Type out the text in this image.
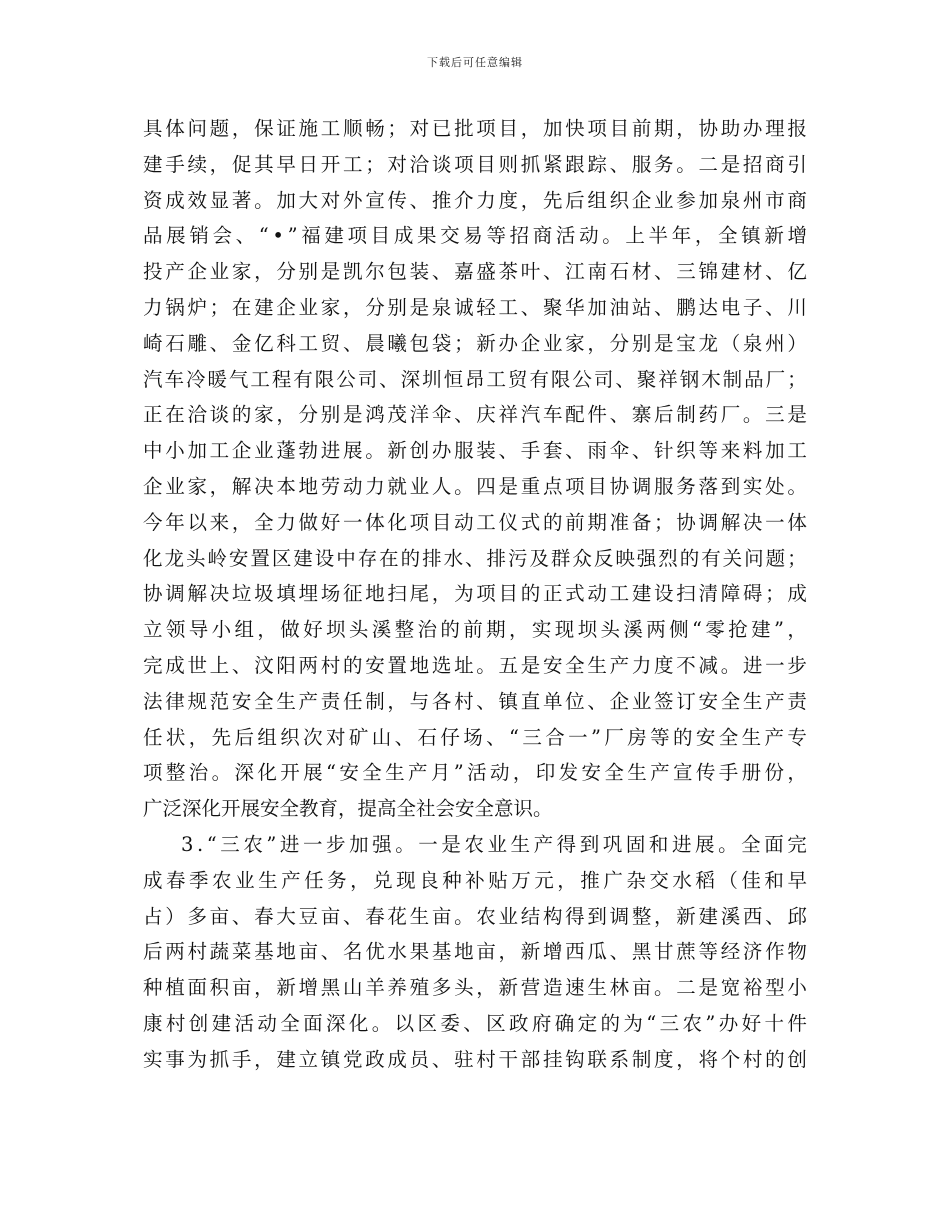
下载后可任意编辑
具 体 问 题 ， 保 证 施 工 顺 畅 ； 对 已 批 项 目 ， 加 快 项 目 前 期 ， 协 助 办 理 报
建 手 续 ， 促 其 早 日 开 工 ； 对 洽 谈 项 目 则 抓 紧 跟 踪 、 服 务 。 二 是 招 商 引
资 成 效 显 著 。 加 大 对 外 宣 传 、 推 介 力 度 ， 先 后 组 织 企 业 参 加 泉 州 市 商
品 展 销 会 、 “ • ” 福 建 项 目 成 果 交 易 等 招 商 活 动 。 上 半 年 ， 全 镇 新 增
投 产 企 业 家 ， 分 别 是 凯 尔 包 装 、 嘉 盛 茶 叶 、 江 南 石 材 、 三 锦 建 材 、 亿
力 锅 炉 ； 在 建 企 业 家 ， 分 别 是 泉 诚 轻 工 、 聚 华 加 油 站 、 鹏 达 电 子 、 川
崎 石 雕 、 金 亿 科 工 贸 、 晨 曦 包 袋 ； 新 办 企 业 家 ， 分 别 是 宝 龙 （ 泉 州 ）
汽 车 冷 暖 气 工 程 有 限 公 司 、 深 圳 恒 昂 工 贸 有 限 公 司 、 聚 祥 钢 木 制 品 厂 ；
正 在 洽 谈 的 家 ， 分 别 是 鸿 茂 洋 伞 、 庆 祥 汽 车 配 件 、 寨 后 制 药 厂 。 三 是
中 小 加 工 企 业 蓬 勃 进 展 。 新 创 办 服 装 、 手 套 、 雨 伞 、 针 织 等 来 料 加 工
企 业 家 ， 解 决 本 地 劳 动 力 就 业 人 。 四 是 重 点 项 目 协 调 服 务 落 到 实 处 。
今 年 以 来 ， 全 力 做 好 一 体 化 项 目 动 工 仪 式 的 前 期 准 备 ； 协 调 解 决 一 体
化 龙 头 岭 安 置 区 建 设 中 存 在 的 排 水 、 排 污 及 群 众 反 映 强 烈 的 有 关 问 题 ；
协 调 解 决 垃 圾 填 埋 场 征 地 扫 尾 ， 为 项 目 的 正 式 动 工 建 设 扫 清 障 碍 ； 成
立 领 导 小 组 ， 做 好 坝 头 溪 整 治 的 前 期 ， 实 现 坝 头 溪 两 侧 “ 零 抢 建 ” ，
完 成 世 上 、 汶 阳 两 村 的 安 置 地 选 址 。 五 是 安 全 生 产 力 度 不 减 。 进 一 步
法 律 规 范 安 全 生 产 责 任 制 ， 与 各 村 、 镇 直 单 位 、 企 业 签 订 安 全 生 产 责
任 状 ， 先 后 组 织 次 对 矿 山 、 石 仔 场 、 “ 三 合 一 ” 厂 房 等 的 安 全 生 产 专
项 整 治 。 深 化 开 展 “ 安 全 生 产 月 ” 活 动 ， 印 发 安 全 生 产 宣 传 手 册 份 ，
广泛深化开展安全教育，提高全社会安全意识。
3 . “ 三 农 ” 进 一 步 加 强 。 一 是 农 业 生 产 得 到 巩 固 和 进 展 。 全 面 完
成 春 季 农 业 生 产 任 务 ， 兑 现 良 种 补 贴 万 元 ， 推 广 杂 交 水 稻 （ 佳 和 早
占 ） 多 亩 、 春 大 豆 亩 、 春 花 生 亩 。 农 业 结 构 得 到 调 整 ， 新 建 溪 西 、 邱
后 两 村 蔬 菜 基 地 亩 、 名 优 水 果 基 地 亩 ， 新 增 西 瓜 、 黑 甘 蔗 等 经 济 作 物
种 植 面 积 亩 ， 新 增 黑 山 羊 养 殖 多 头 ， 新 营 造 速 生 林 亩 。 二 是 宽 裕 型 小
康 村 创 建 活 动 全 面 深 化 。 以 区 委 、 区 政 府 确 定 的 为 “ 三 农 ” 办 好 十 件
实 事 为 抓 手 ， 建 立 镇 党 政 成 员 、 驻 村 干 部 挂 钩 联 系 制 度 ， 将 个 村 的 创
